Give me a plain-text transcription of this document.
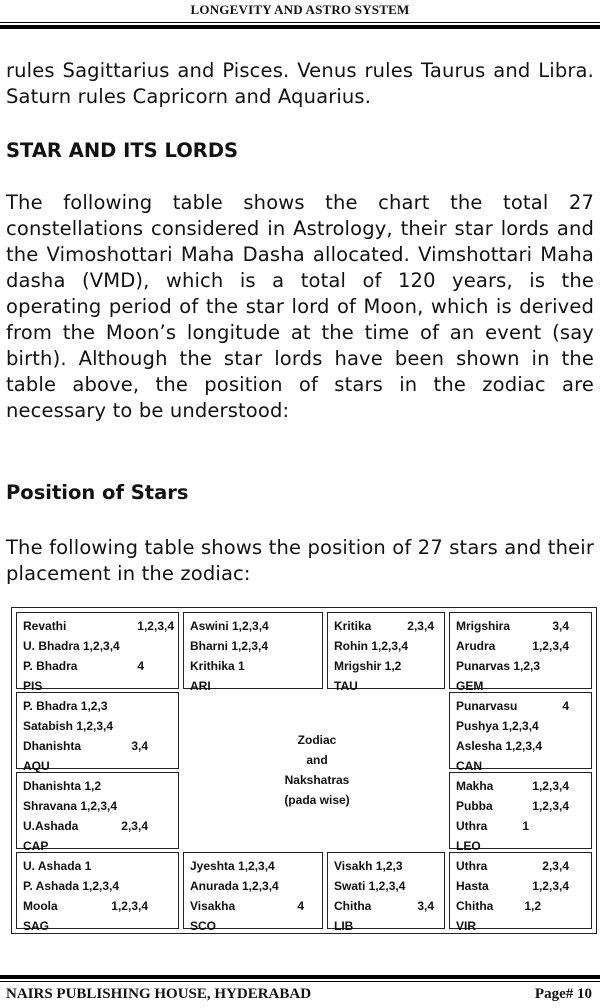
LONGEVITY AND ASTRO SYSTEM
rules Sagittarius and Pisces. Venus rules Taurus and Libra. Saturn rules Capricorn and Aquarius.
STAR AND ITS LORDS
The following table shows the chart the total 27 constellations considered in Astrology, their star lords and the Vimoshottari Maha Dasha allocated. Vimshottari Maha dasha (VMD), which is a total of 120 years, is the operating period of the star lord of Moon, which is derived from the Moon’s longitude at the time of an event (say birth). Although the star lords have been shown in the table above, the position of stars in the zodiac are necessary to be understood:
Position of Stars
The following table shows the position of 27 stars and their placement in the zodiac:
Revathi	1,2,3,4
U. Bhadra 1,2,3,4
P. Bhadra	4
PIS
Aswini 1,2,3,4
Bharni 1,2,3,4
Krithika 1
ARI
Kritika	2,3,4
Rohin 1,2,3,4
Mrigshir 1,2
TAU
Mrigshira	3,4
Arudra	1,2,3,4
Punarvas 1,2,3
GEM
P. Bhadra 1,2,3
Satabish 1,2,3,4
Dhanishta	3,4
AQU
Punarvasu	4
Pushya 1,2,3,4
Aslesha 1,2,3,4
CAN
Zodiac
and
Nakshatras
(pada wise)
Dhanishta 1,2
Shravana 1,2,3,4
U.Ashada	2,3,4
CAP
Makha	1,2,3,4
Pubba	1,2,3,4
Uthra	1
LEO
U. Ashada 1
P. Ashada 1,2,3,4
Moola	1,2,3,4
SAG
Jyeshta 1,2,3,4
Anurada 1,2,3,4
Visakha	4
SCO
Visakh 1,2,3
Swati 1,2,3,4
Chitha	3,4
LIB
Uthra	2,3,4
Hasta	1,2,3,4
Chitha	1,2
VIR
NAIRS PUBLISHING HOUSE, HYDERABAD	Page# 10
